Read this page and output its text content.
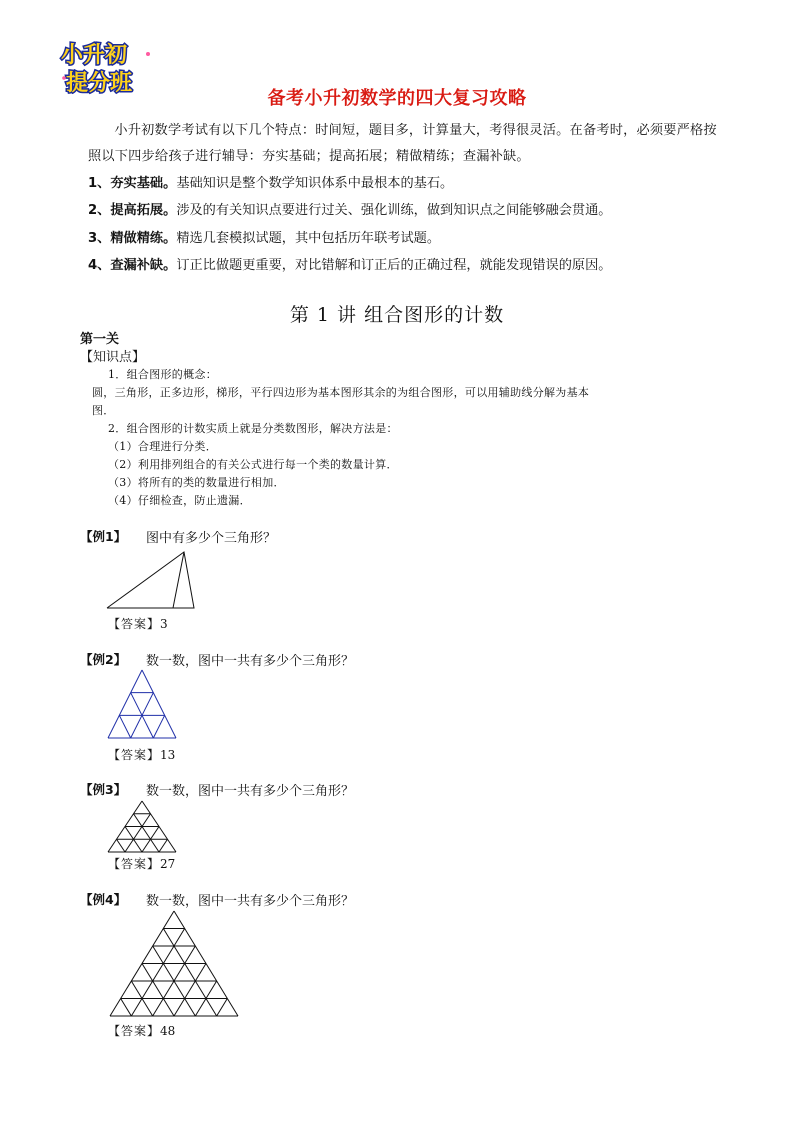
小升初
提分班
备考小升初数学的四大复习攻略
小升初数学考试有以下几个特点：时间短，题目多，计算量大，考得很灵活。在备考时，必须要严格按照以下四步给孩子进行辅导：夯实基础；提高拓展；精做精练；查漏补缺。
1、夯实基础。基础知识是整个数学知识体系中最根本的基石。
2、提高拓展。涉及的有关知识点要进行过关、强化训练，做到知识点之间能够融会贯通。
3、精做精练。精选几套模拟试题，其中包括历年联考试题。
4、查漏补缺。订正比做题更重要，对比错解和订正后的正确过程，就能发现错误的原因。
第 1 讲 组合图形的计数
第一关
【知识点】
1．组合图形的概念：
圆，三角形，正多边形，梯形，平行四边形为基本图形其余的为组合图形，可以用辅助线分解为基本
图．
2．组合图形的计数实质上就是分类数图形，解决方法是：
（1）合理进行分类．
（2）利用排列组合的有关公式进行每一个类的数量计算．
（3）将所有的类的数量进行相加．
（4）仔细检查，防止遗漏．
【例1】 图中有多少个三角形？
【答案】3
【例2】 数一数，图中一共有多少个三角形？
【答案】13
【例3】 数一数，图中一共有多少个三角形？
【答案】27
【例4】 数一数，图中一共有多少个三角形？
【答案】48
